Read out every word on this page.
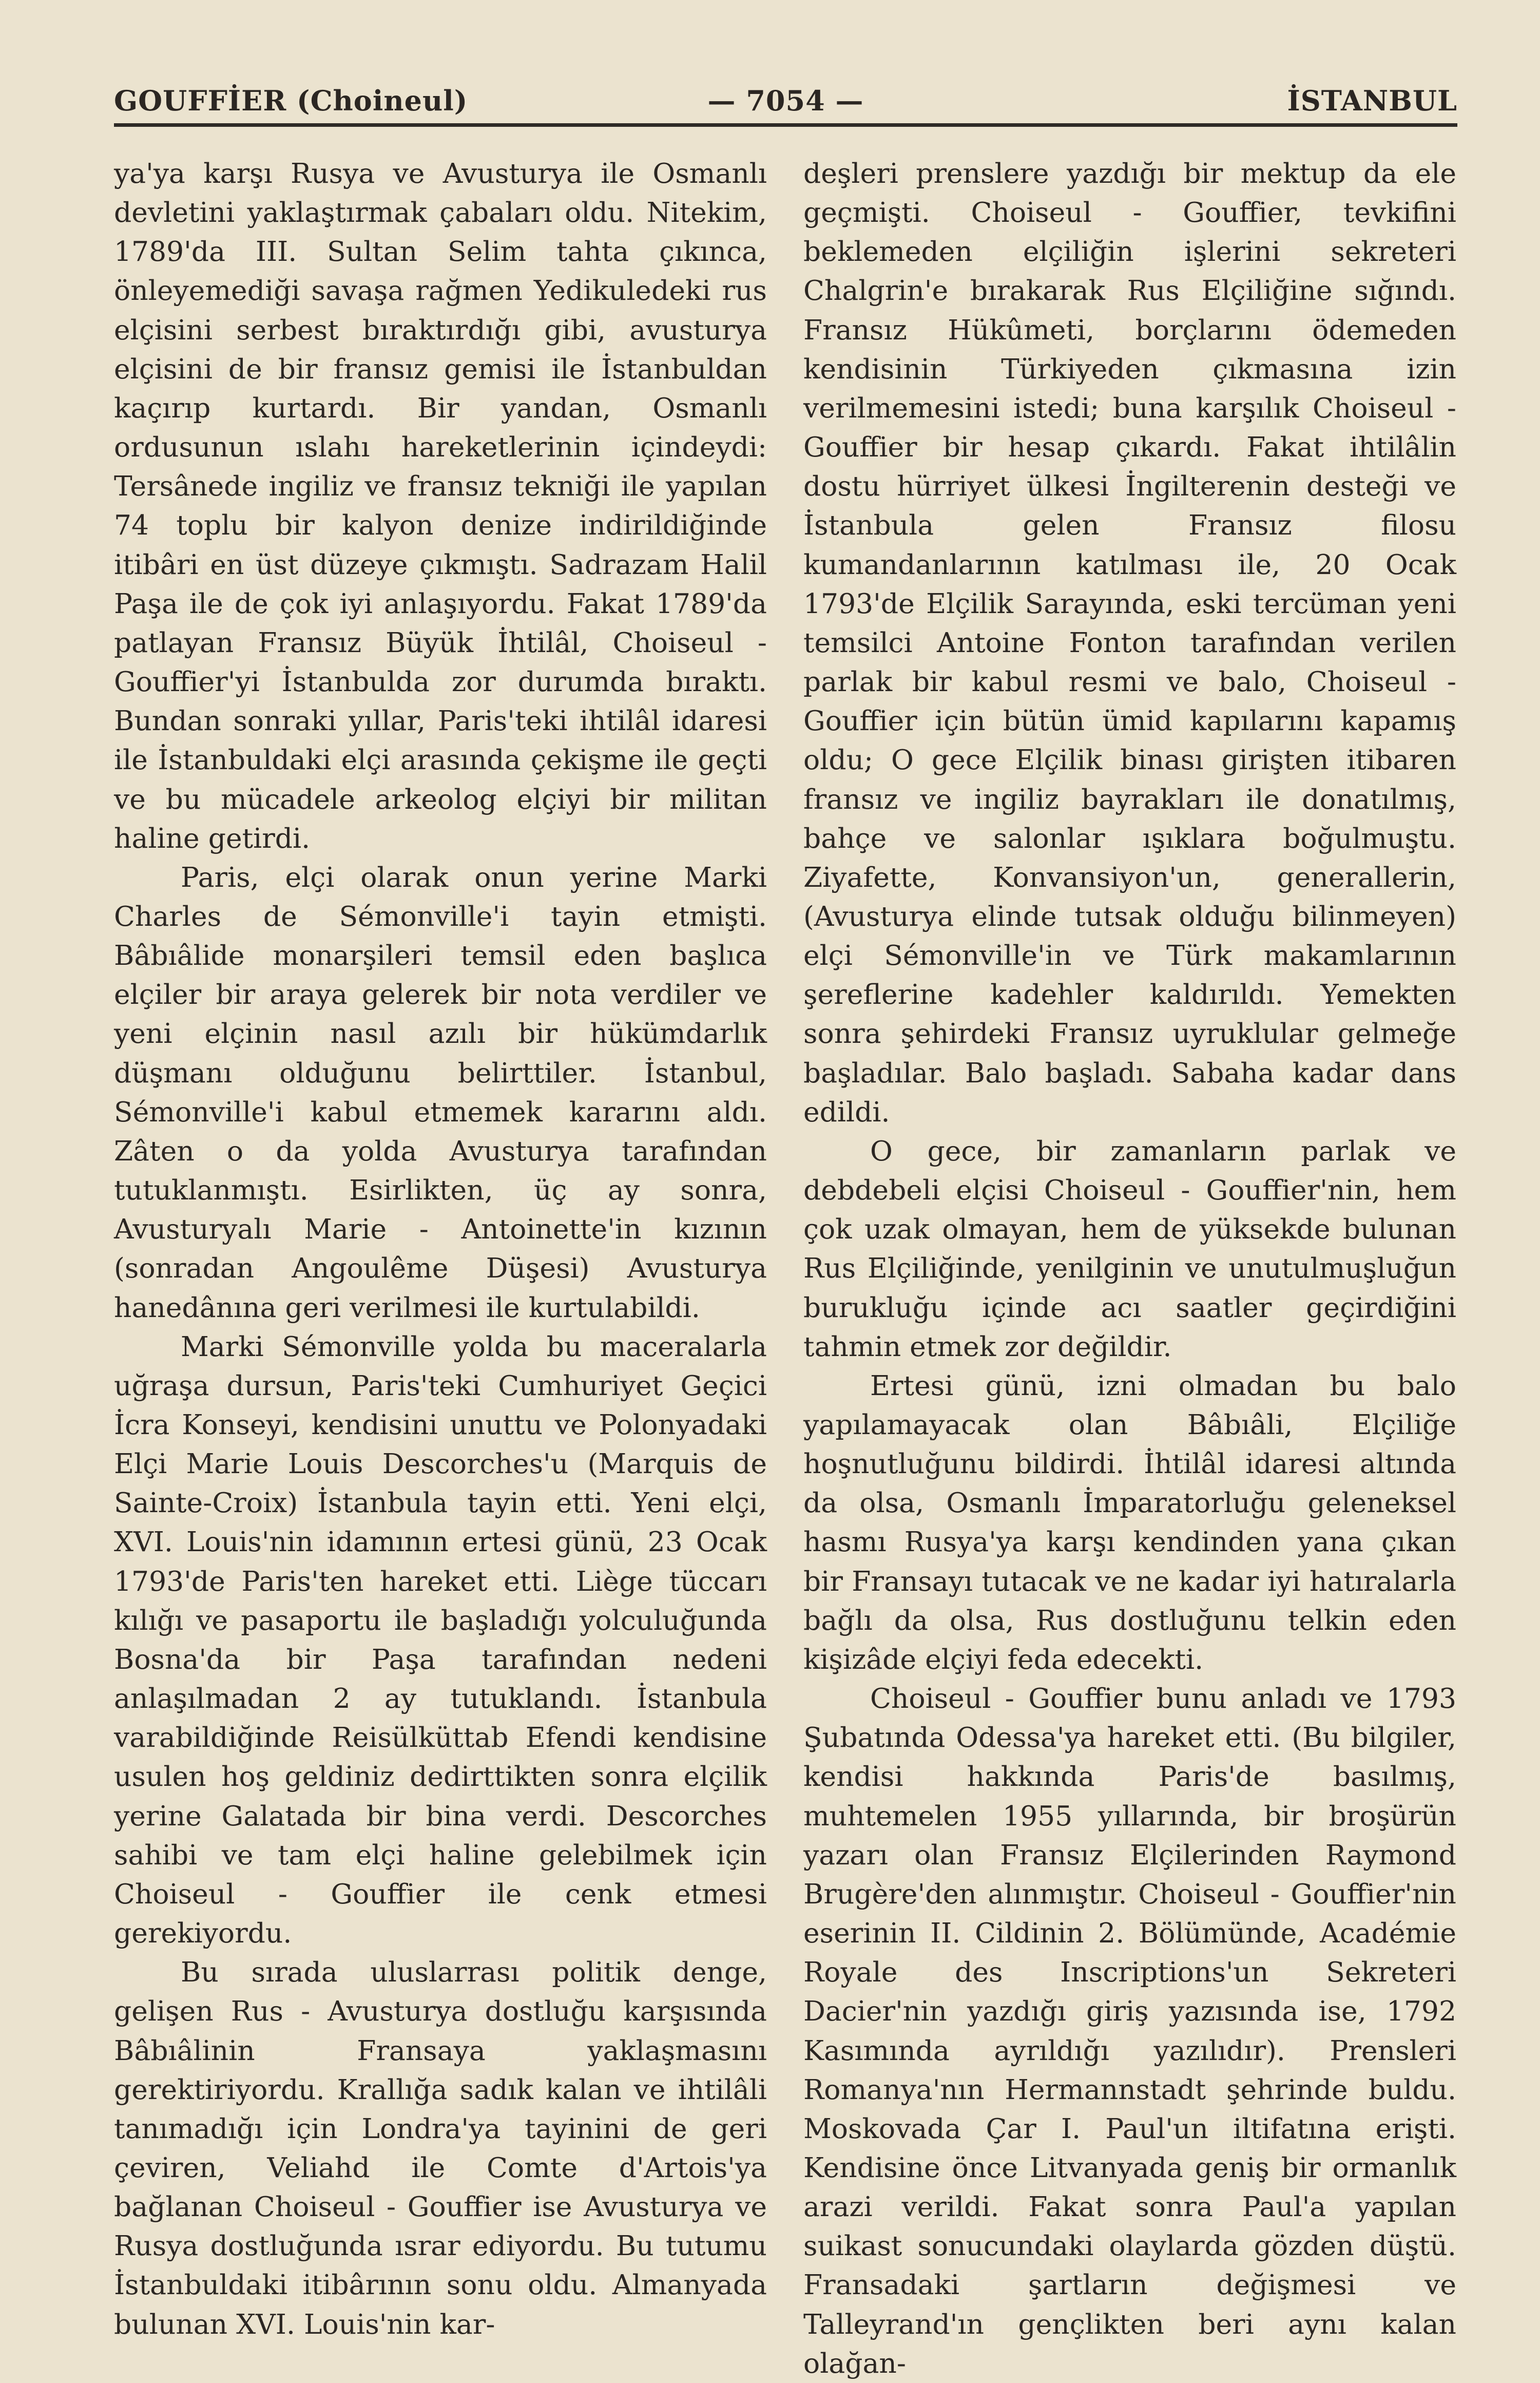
GOUFFİER (Choineul)	— 7054 —	İSTANBUL

ya'ya karşı Rusya ve Avusturya ile Osmanlı devletini yaklaştırmak çabaları oldu. Nitekim, 1789'da III. Sultan Selim tahta çıkınca, önleyemediği savaşa rağmen Yedikuledeki rus elçisini serbest bıraktırdığı gibi, avusturya elçisini de bir fransız gemisi ile İstanbuldan kaçırıp kurtardı. Bir yandan, Osmanlı ordusunun ıslahı hareketlerinin içindeydi: Tersânede ingiliz ve fransız tekniği ile yapılan 74 toplu bir kalyon denize indirildiğinde itibâri en üst düzeye çıkmıştı. Sadrazam Halil Paşa ile de çok iyi anlaşıyordu. Fakat 1789'da patlayan Fransız Büyük İhtilâl, Choiseul - Gouffier'yi İstanbulda zor durumda bıraktı. Bundan sonraki yıllar, Paris'teki ihtilâl idaresi ile İstanbuldaki elçi arasında çekişme ile geçti ve bu mücadele arkeolog elçiyi bir militan haline getirdi.

Paris, elçi olarak onun yerine Marki Charles de Sémonville'i tayin etmişti. Bâbıâlide monarşileri temsil eden başlıca elçiler bir araya gelerek bir nota verdiler ve yeni elçinin nasıl azılı bir hükümdarlık düşmanı olduğunu belirttiler. İstanbul, Sémonville'i kabul etmemek kararını aldı. Zâten o da yolda Avusturya tarafından tutuklanmıştı. Esirlikten, üç ay sonra, Avusturyalı Marie - Antoinette'in kızının (sonradan Angoulême Düşesi) Avusturya hanedânına geri verilmesi ile kurtulabildi.

Marki Sémonville yolda bu maceralarla uğraşa dursun, Paris'teki Cumhuriyet Geçici İcra Konseyi, kendisini unuttu ve Polonyadaki Elçi Marie Louis Descorches'u (Marquis de Sainte-Croix) İstanbula tayin etti. Yeni elçi, XVI. Louis'nin idamının ertesi günü, 23 Ocak 1793'de Paris'ten hareket etti. Liège tüccarı kılığı ve pasaportu ile başladığı yolculuğunda Bosna'da bir Paşa tarafından nedeni anlaşılmadan 2 ay tutuklandı. İstanbula varabildiğinde Reisülküttab Efendi kendisine usulen hoş geldiniz dedirttikten sonra elçilik yerine Galatada bir bina verdi. Descorches sahibi ve tam elçi haline gelebilmek için Choiseul - Gouffier ile cenk etmesi gerekiyordu.

Bu sırada uluslarrası politik denge, gelişen Rus - Avusturya dostluğu karşısında Bâbıâlinin Fransaya yaklaşmasını gerektiriyordu. Krallığa sadık kalan ve ihtilâli tanımadığı için Londra'ya tayinini de geri çeviren, Veliahd ile Comte d'Artois'ya bağlanan Choiseul - Gouffier ise Avusturya ve Rusya dostluğunda ısrar ediyordu. Bu tutumu İstanbuldaki itibârının sonu oldu. Almanyada bulunan XVI. Louis'nin kar-

deşleri prenslere yazdığı bir mektup da ele geçmişti. Choiseul - Gouffier, tevkifini beklemeden elçiliğin işlerini sekreteri Chalgrin'e bırakarak Rus Elçiliğine sığındı. Fransız Hükûmeti, borçlarını ödemeden kendisinin Türkiyeden çıkmasına izin verilmemesini istedi; buna karşılık Choiseul - Gouffier bir hesap çıkardı. Fakat ihtilâlin dostu hürriyet ülkesi İngilterenin desteği ve İstanbula gelen Fransız filosu kumandanlarının katılması ile, 20 Ocak 1793'de Elçilik Sarayında, eski tercüman yeni temsilci Antoine Fonton tarafından verilen parlak bir kabul resmi ve balo, Choiseul - Gouffier için bütün ümid kapılarını kapamış oldu; O gece Elçilik binası girişten itibaren fransız ve ingiliz bayrakları ile donatılmış, bahçe ve salonlar ışıklara boğulmuştu. Ziyafette, Konvansiyon'un, generallerin, (Avusturya elinde tutsak olduğu bilinmeyen) elçi Sémonville'in ve Türk makamlarının şereflerine kadehler kaldırıldı. Yemekten sonra şehirdeki Fransız uyruklular gelmeğe başladılar. Balo başladı. Sabaha kadar dans edildi.

O gece, bir zamanların parlak ve debdebeli elçisi Choiseul - Gouffier'nin, hem çok uzak olmayan, hem de yüksekde bulunan Rus Elçiliğinde, yenilginin ve unutulmuşluğun burukluğu içinde acı saatler geçirdiğini tahmin etmek zor değildir.

Ertesi günü, izni olmadan bu balo yapılamayacak olan Bâbıâli, Elçiliğe hoşnutluğunu bildirdi. İhtilâl idaresi altında da olsa, Osmanlı İmparatorluğu geleneksel hasmı Rusya'ya karşı kendinden yana çıkan bir Fransayı tutacak ve ne kadar iyi hatıralarla bağlı da olsa, Rus dostluğunu telkin eden kişizâde elçiyi feda edecekti.

Choiseul - Gouffier bunu anladı ve 1793 Şubatında Odessa'ya hareket etti. (Bu bilgiler, kendisi hakkında Paris'de basılmış, muhtemelen 1955 yıllarında, bir broşürün yazarı olan Fransız Elçilerinden Raymond Brugère'den alınmıştır. Choiseul - Gouffier'nin eserinin II. Cildinin 2. Bölümünde, Académie Royale des Inscriptions'un Sekreteri Dacier'nin yazdığı giriş yazısında ise, 1792 Kasımında ayrıldığı yazılıdır). Prensleri Romanya'nın Hermannstadt şehrinde buldu. Moskovada Çar I. Paul'un iltifatına erişti. Kendisine önce Litvanyada geniş bir ormanlık arazi verildi. Fakat sonra Paul'a yapılan suikast sonucundaki olaylarda gözden düştü. Fransadaki şartların değişmesi ve Talleyrand'ın gençlikten beri aynı kalan olağan-
